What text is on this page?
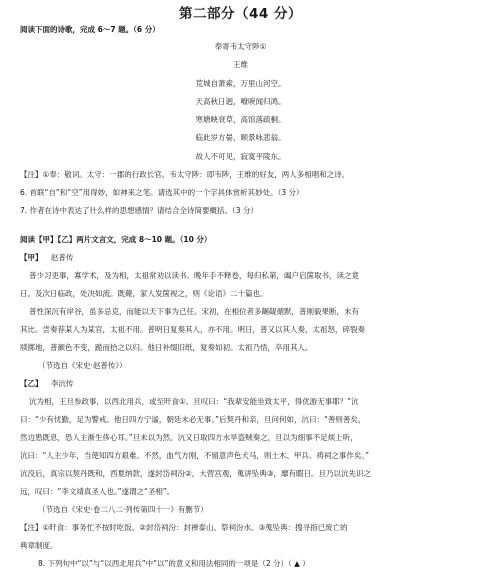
第二部分（44 分）
阅读下面的诗歌，完成 6～7 题。（6 分）
奉寄韦太守陟①
王维
荒城自萧索，万里山河空。
天高秋日迥，嘹唳闻归鸿。
寒塘映衰草，高馆落疏桐。
临此岁方晏，顾景咏悲翁。
故人不可见，寂寞平陵东。
【注】①奉：敬词。太守：一郡的行政长官。韦太守陟：即韦陟，王维的好友，两人多相唱和之诗。
6. 首联“自”和“空”用得妙，如神来之笔。请选其中的一个字具体赏析其妙处。（3 分）
7. 作者在诗中表达了什么样的思想感情？请结合全诗简要概括。（3 分）
阅读【甲】【乙】两片文言文，完成 8～10 题。（10 分）
【甲】 赵普传
普少习吏事，寡学术，及为相，太祖常劝以读书。晚年手不释卷，每归私第，阖户启箧取书，读之竟
日。及次日临政，处决如流。既薨，家人发箧视之，则《论语》二十篇也。
普性深沉有岸谷，虽多忌克，而能以天下事为己任。宋初，在相位者多龌龊循默，普刚毅果断，未有
其比。尝奏荐某人为某官，太祖不用。普明日复奏其人，亦不用。明日，普又以其人奏，太祖怒，碎裂奏
牍掷地，普颜色不变，跪而拾之以归。他日补缀旧纸，复奏如初。太祖乃悟，卒用其人。
（节选自《宋史·赵普传》）
【乙】 李沆传
沆为相，王旦参政事，以西北用兵，或至旰食①。旦叹曰：“我辈安能坐致太平，得优游无事耶？”沆
曰：“少有忧勤，足为警戒。他日四方宁谧，朝廷未必无事。”后契丹和亲，旦问何如，沆曰：“善则善矣，
然边患既息，恐人主渐生侈心耳。”旦未以为然。沆又日取四方水旱盗贼奏之，旦以为细事不足烦上听，
沆曰：“人主少年，当使知四方艰难。不然，血气方刚，不留意声色犬马，则土木、甲兵、祷祠之事作矣。”
沆没后，真宗以契丹既和，西夏纳款，遂封岱祠汾②，大营宫观，蒐讲坠典③，靡有暇日。旦乃以沆先识之
远，叹曰：“李文靖真圣人也。”遂谓之“圣相”。
（节选自《宋史·卷二八二·列传第四十一》有删节）
【注】①旰食：事务忙不按时吃饭。②封岱祠汾：封禅泰山、祭祠汾水。③蒐坠典：搜寻指已废亡的
典章制度。
8. 下列句中“以”与“以西北用兵”中“以”的意义和用法相同的一项是（2 分）（ ▲ ）
